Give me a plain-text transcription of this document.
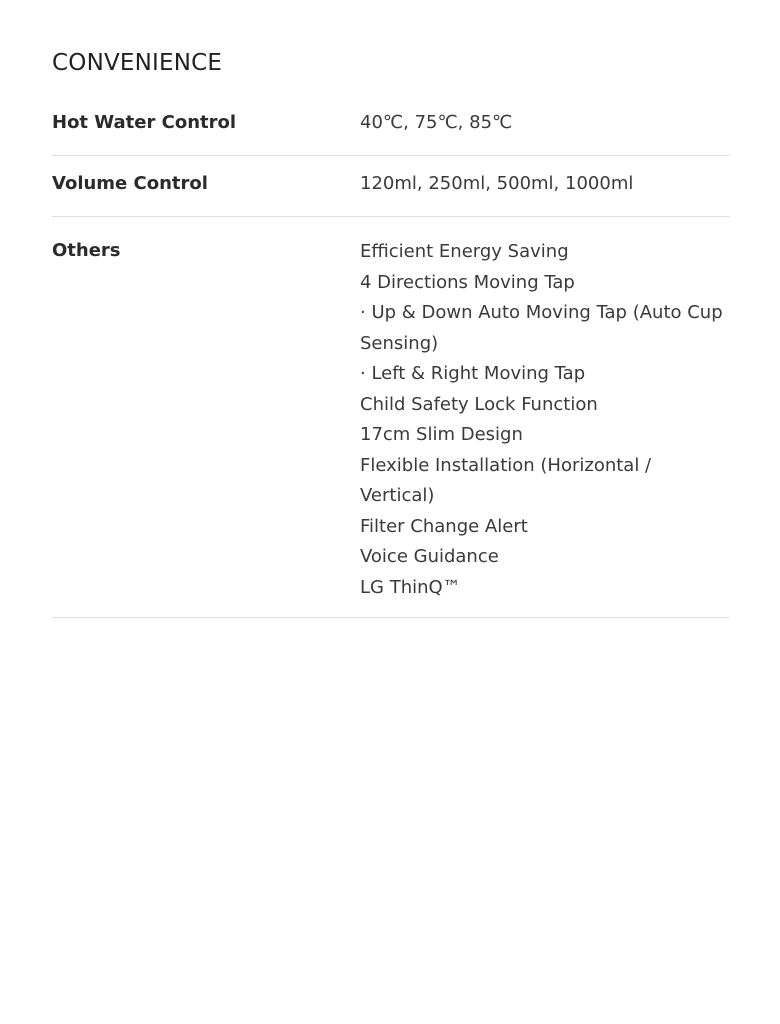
CONVENIENCE
Hot Water Control	40℃, 75℃, 85℃
Volume Control	120ml, 250ml, 500ml, 1000ml
Others	Efficient Energy Saving
4 Directions Moving Tap
· Up & Down Auto Moving Tap (Auto Cup
Sensing)
· Left & Right Moving Tap
Child Safety Lock Function
17cm Slim Design
Flexible Installation (Horizontal / Vertical)
Filter Change Alert
Voice Guidance
LG ThinQ™
